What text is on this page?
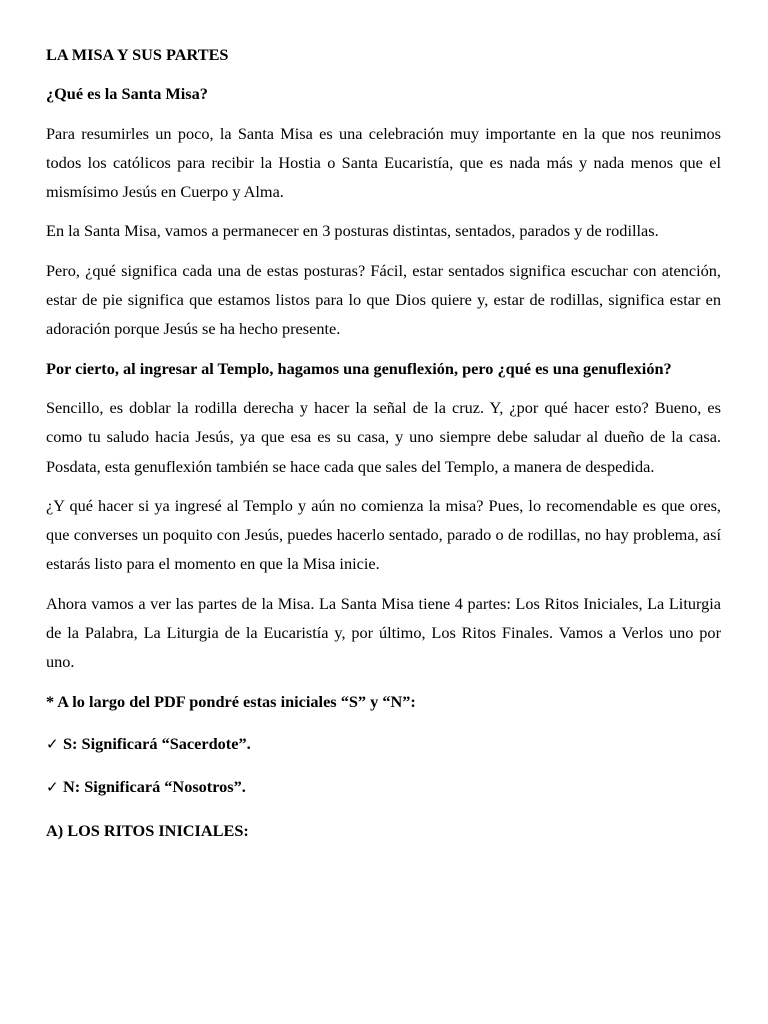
LA MISA Y SUS PARTES

¿Qué es la Santa Misa?

Para resumirles un poco, la Santa Misa es una celebración muy importante en la que nos reunimos todos los católicos para recibir la Hostia o Santa Eucaristía, que es nada más y nada menos que el mismísimo Jesús en Cuerpo y Alma.

En la Santa Misa, vamos a permanecer en 3 posturas distintas, sentados, parados y de rodillas.

Pero, ¿qué significa cada una de estas posturas? Fácil, estar sentados significa escuchar con atención, estar de pie significa que estamos listos para lo que Dios quiere y, estar de rodillas, significa estar en adoración porque Jesús se ha hecho presente.

Por cierto, al ingresar al Templo, hagamos una genuflexión, pero ¿qué es una genuflexión?

Sencillo, es doblar la rodilla derecha y hacer la señal de la cruz. Y, ¿por qué hacer esto? Bueno, es como tu saludo hacia Jesús, ya que esa es su casa, y uno siempre debe saludar al dueño de la casa. Posdata, esta genuflexión también se hace cada que sales del Templo, a manera de despedida.

¿Y qué hacer si ya ingresé al Templo y aún no comienza la misa? Pues, lo recomendable es que ores, que converses un poquito con Jesús, puedes hacerlo sentado, parado o de rodillas, no hay problema, así estarás listo para el momento en que la Misa inicie.

Ahora vamos a ver las partes de la Misa. La Santa Misa tiene 4 partes: Los Ritos Iniciales, La Liturgia de la Palabra, La Liturgia de la Eucaristía y, por último, Los Ritos Finales. Vamos a Verlos uno por uno.

* A lo largo del PDF pondré estas iniciales “S” y “N”:

✓ S: Significará “Sacerdote”.
✓ N: Significará “Nosotros”.

A) LOS RITOS INICIALES:
